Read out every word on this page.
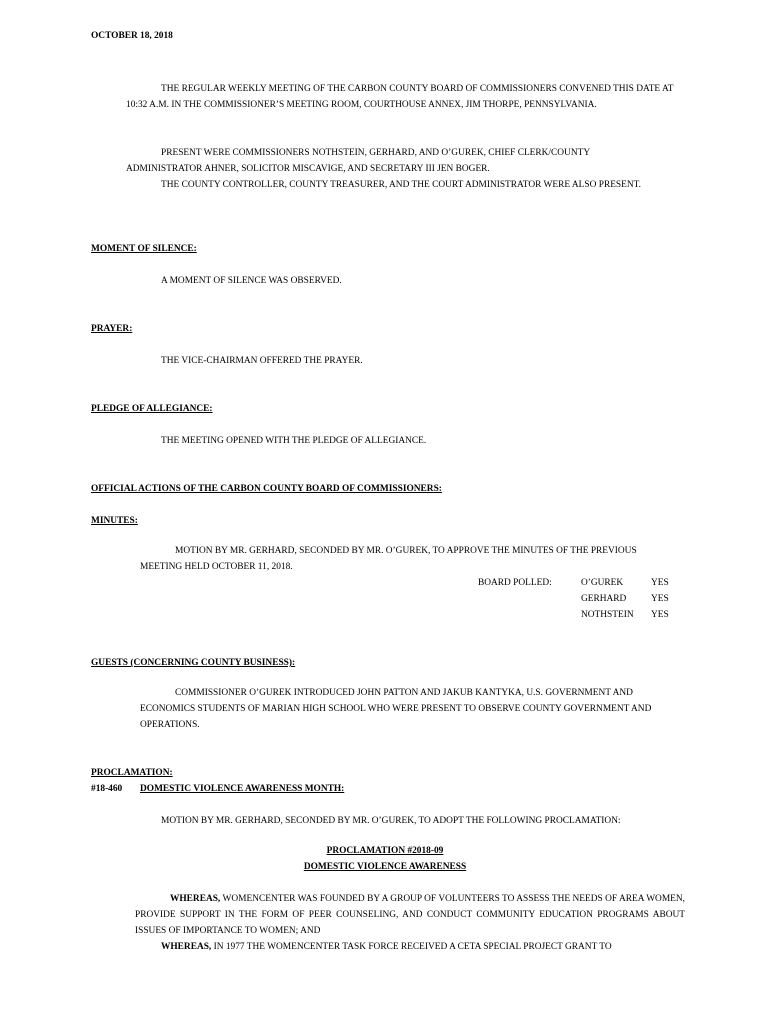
OCTOBER 18, 2018
THE REGULAR WEEKLY MEETING OF THE CARBON COUNTY BOARD OF COMMISSIONERS CONVENED THIS DATE AT 10:32 A.M. IN THE COMMISSIONER’S MEETING ROOM, COURTHOUSE ANNEX, JIM THORPE, PENNSYLVANIA.
PRESENT WERE COMMISSIONERS NOTHSTEIN, GERHARD, AND O’GUREK, CHIEF CLERK/COUNTY ADMINISTRATOR AHNER, SOLICITOR MISCAVIGE, AND SECRETARY III JEN BOGER.
THE COUNTY CONTROLLER, COUNTY TREASURER, AND THE COURT ADMINISTRATOR WERE ALSO PRESENT.
MOMENT OF SILENCE:
A MOMENT OF SILENCE WAS OBSERVED.
PRAYER:
THE VICE-CHAIRMAN OFFERED THE PRAYER.
PLEDGE OF ALLEGIANCE:
THE MEETING OPENED WITH THE PLEDGE OF ALLEGIANCE.
OFFICIAL ACTIONS OF THE CARBON COUNTY BOARD OF COMMISSIONERS:
MINUTES:
MOTION BY MR. GERHARD, SECONDED BY MR. O’GUREK, TO APPROVE THE MINUTES OF THE PREVIOUS MEETING HELD OCTOBER 11, 2018.
BOARD POLLED:	O’GUREK	YES
GERHARD	YES
NOTHSTEIN YES
GUESTS (CONCERNING COUNTY BUSINESS):
COMMISSIONER O’GUREK INTRODUCED JOHN PATTON AND JAKUB KANTYKA, U.S. GOVERNMENT AND ECONOMICS STUDENTS OF MARIAN HIGH SCHOOL WHO WERE PRESENT TO OBSERVE COUNTY GOVERNMENT AND OPERATIONS.
PROCLAMATION:
#18-460 DOMESTIC VIOLENCE AWARENESS MONTH:
MOTION BY MR. GERHARD, SECONDED BY MR. O’GUREK, TO ADOPT THE FOLLOWING PROCLAMATION:
PROCLAMATION #2018-09
DOMESTIC VIOLENCE AWARENESS
WHEREAS, WOMENCENTER WAS FOUNDED BY A GROUP OF VOLUNTEERS TO ASSESS THE NEEDS OF AREA WOMEN, PROVIDE SUPPORT IN THE FORM OF PEER COUNSELING, AND CONDUCT COMMUNITY EDUCATION PROGRAMS ABOUT ISSUES OF IMPORTANCE TO WOMEN; AND
WHEREAS, IN 1977 THE WOMENCENTER TASK FORCE RECEIVED A CETA SPECIAL PROJECT GRANT TO
